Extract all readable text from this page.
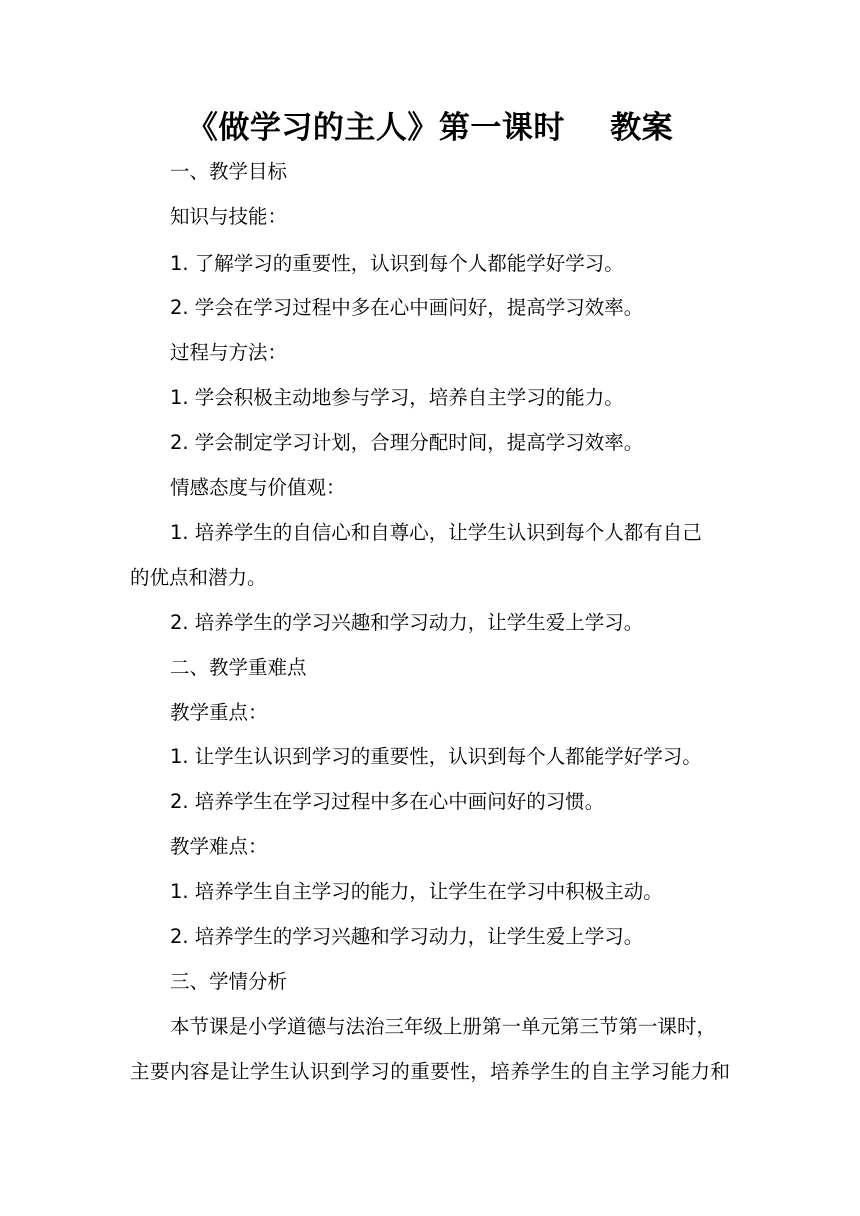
《做学习的主人》第一课时    教案
一、教学目标
知识与技能：
1. 了解学习的重要性，认识到每个人都能学好学习。
2. 学会在学习过程中多在心中画问好，提高学习效率。
过程与方法：
1. 学会积极主动地参与学习，培养自主学习的能力。
2. 学会制定学习计划，合理分配时间，提高学习效率。
情感态度与价值观：
1. 培养学生的自信心和自尊心，让学生认识到每个人都有自己
的优点和潜力。
2. 培养学生的学习兴趣和学习动力，让学生爱上学习。
二、教学重难点
教学重点：
1. 让学生认识到学习的重要性，认识到每个人都能学好学习。
2. 培养学生在学习过程中多在心中画问好的习惯。
教学难点：
1. 培养学生自主学习的能力，让学生在学习中积极主动。
2. 培养学生的学习兴趣和学习动力，让学生爱上学习。
三、学情分析
本节课是小学道德与法治三年级上册第一单元第三节第一课时，
主要内容是让学生认识到学习的重要性，培养学生的自主学习能力和
